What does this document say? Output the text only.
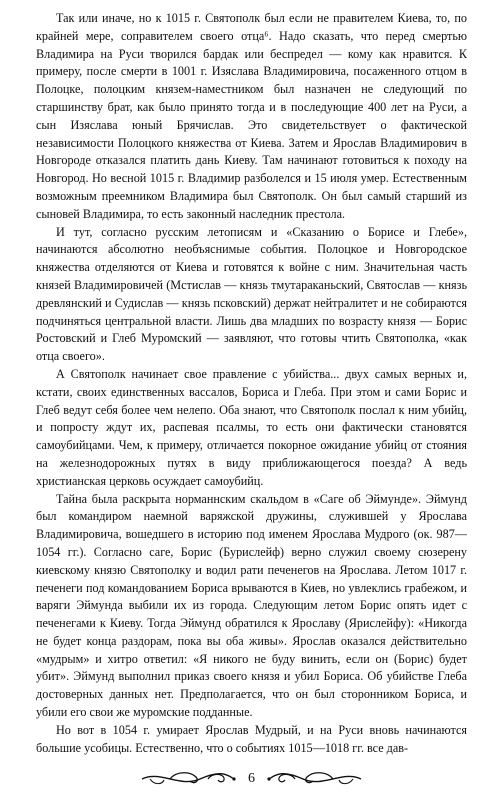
Так или иначе, но к 1015 г. Святополк был если не правителем Киева, то, по крайней мере, соправителем своего отца⁶. Надо сказать, что перед смертью Владимира на Руси творился бардак или беспредел — кому как нравится. К примеру, после смерти в 1001 г. Изяслава Владимировича, посаженного отцом в Полоцке, полоцким князем-наместником был назначен не следующий по старшинству брат, как было принято тогда и в последующие 400 лет на Руси, а сын Изяслава юный Брячислав. Это свидетельствует о фактической независимости Полоцкого княжества от Киева. Затем и Ярослав Владимирович в Новгороде отказался платить дань Киеву. Там начинают готовиться к походу на Новгород. Но весной 1015 г. Владимир разболелся и 15 июля умер. Естественным возможным преемником Владимира был Святополк. Он был самый старший из сыновей Владимира, то есть законный наследник престола.

И тут, согласно русским летописям и «Сказанию о Борисе и Глебе», начинаются абсолютно необъяснимые события. Полоцкое и Новгородское княжества отделяются от Киева и готовятся к войне с ним. Значительная часть князей Владимировичей (Мстислав — князь тмутараканьский, Святослав — князь древлянский и Судислав — князь псковский) держат нейтралитет и не собираются подчиняться центральной власти. Лишь два младших по возрасту князя — Борис Ростовский и Глеб Муромский — заявляют, что готовы чтить Святополка, «как отца своего».

А Святополк начинает свое правление с убийства... двух самых верных и, кстати, своих единственных вассалов, Бориса и Глеба. При этом и сами Борис и Глеб ведут себя более чем нелепо. Оба знают, что Святополк послал к ним убийц, и попросту ждут их, распевая псалмы, то есть они фактически становятся самоубийцами. Чем, к примеру, отличается покорное ожидание убийц от стояния на железнодорожных путях в виду приближающегося поезда? А ведь христианская церковь осуждает самоубийц.

Тайна была раскрыта норманнским скальдом в «Саге об Эймунде». Эймунд был командиром наемной варяжской дружины, служившей у Ярослава Владимировича, вошедшего в историю под именем Ярослава Мудрого (ок. 987— 1054 гг.). Согласно саге, Борис (Бурислейф) верно служил своему сюзерену киевскому князю Святополку и водил рати печенегов на Ярослава. Летом 1017 г. печенеги под командованием Бориса врываются в Киев, но увлеклись грабежом, и варяги Эймунда выбили их из города. Следующим летом Борис опять идет с печенегами к Киеву. Тогда Эймунд обратился к Ярославу (Ярислейфу): «Никогда не будет конца раздорам, пока вы оба живы». Ярослав оказался действительно «мудрым» и хитро ответил: «Я никого не буду винить, если он (Борис) будет убит». Эймунд выполнил приказ своего князя и убил Бориса. Об убийстве Глеба достоверных данных нет. Предполагается, что он был сторонником Бориса, и убили его свои же муромские подданные.

Но вот в 1054 г. умирает Ярослав Мудрый, и на Руси вновь начинаются большие усобицы. Естественно, что о событиях 1015—1018 гг. все дав-

6
